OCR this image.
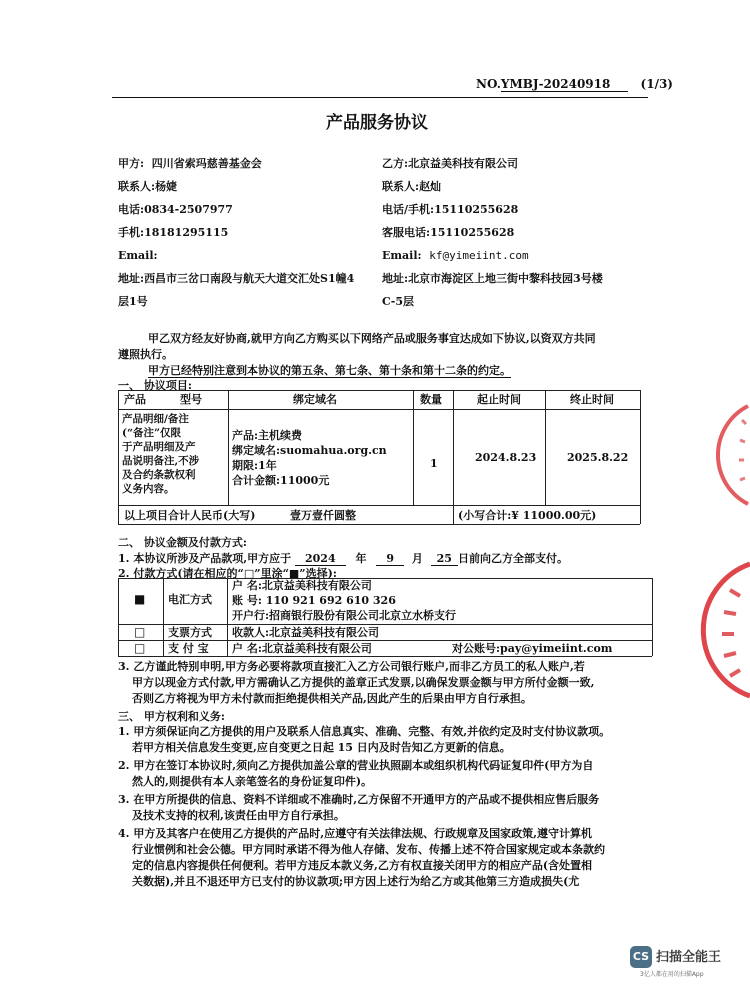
NO.YMBJ-20240918	(1/3)
产品服务协议
甲方: 四川省索玛慈善基金会
联系人:杨婕
电话:0834-2507977
手机:18181295115
Email:
地址:西昌市三岔口南段与航天大道交汇处S1幢4
层1号
乙方:北京益美科技有限公司
联系人:赵灿
电话/手机:15110255628
客服电话:15110255628
Email: kf@yimeiint.com
地址:北京市海淀区上地三街中黎科技园3号楼
C-5层
甲乙双方经友好协商,就甲方向乙方购买以下网络产品或服务事宜达成如下协议,以资双方共同
遵照执行。
甲方已经特别注意到本协议的第五条、第七条、第十条和第十二条的约定。
一、 协议项目:
产品	型号	绑定域名	数量	起止时间	终止时间
产品明细/备注
(“备注”仅限
于产品明细及产
品说明备注,不涉
及合约条款权利
义务内容。
产品:主机续费
绑定域名:suomahua.org.cn
期限:1年
合计金额:11000元
1	2024.8.23	2025.8.22
以上项目合计人民币(大写)	壹万壹仟圆整	(小写合计:¥ 11000.00元)
二、 协议金额及付款方式:
1. 本协议所涉及产品款项,甲方应于 2024 年 9 月 25 日前向乙方全部支付。
2. 付款方式(请在相应的“□”里涂“■”选择):
■ 电汇方式
户 名:北京益美科技有限公司
账 号: 110 921 692 610 326
开户行:招商银行股份有限公司北京立水桥支行
□ 支票方式 收款人:北京益美科技有限公司
□ 支 付 宝 户 名:北京益美科技有限公司	对公账号:pay@yimeiint.com
3. 乙方谨此特别申明,甲方务必要将款项直接汇入乙方公司银行账户,而非乙方员工的私人账户,若
甲方以现金方式付款,甲方需确认乙方提供的盖章正式发票,以确保发票金额与甲方所付金额一致,
否则乙方将视为甲方未付款而拒绝提供相关产品,因此产生的后果由甲方自行承担。
三、 甲方权利和义务:
1. 甲方须保证向乙方提供的用户及联系人信息真实、准确、完整、有效,并依约定及时支付协议款项。
若甲方相关信息发生变更,应自变更之日起 15 日内及时告知乙方更新的信息。
2. 甲方在签订本协议时,须向乙方提供加盖公章的营业执照副本或组织机构代码证复印件(甲方为自
然人的,则提供有本人亲笔签名的身份证复印件)。
3. 在甲方所提供的信息、资料不详细或不准确时,乙方保留不开通甲方的产品或不提供相应售后服务
及技术支持的权利,该责任由甲方自行承担。
4. 甲方及其客户在使用乙方提供的产品时,应遵守有关法律法规、行政规章及国家政策,遵守计算机
行业惯例和社会公德。甲方同时承诺不得为他人存储、发布、传播上述不符合国家规定或本条款约
定的信息内容提供任何便利。若甲方违反本款义务,乙方有权直接关闭甲方的相应产品(含处置相
关数据),并且不退还甲方已支付的协议款项;甲方因上述行为给乙方或其他第三方造成损失(尤
CS 扫描全能王
3亿人都在用的扫描App
